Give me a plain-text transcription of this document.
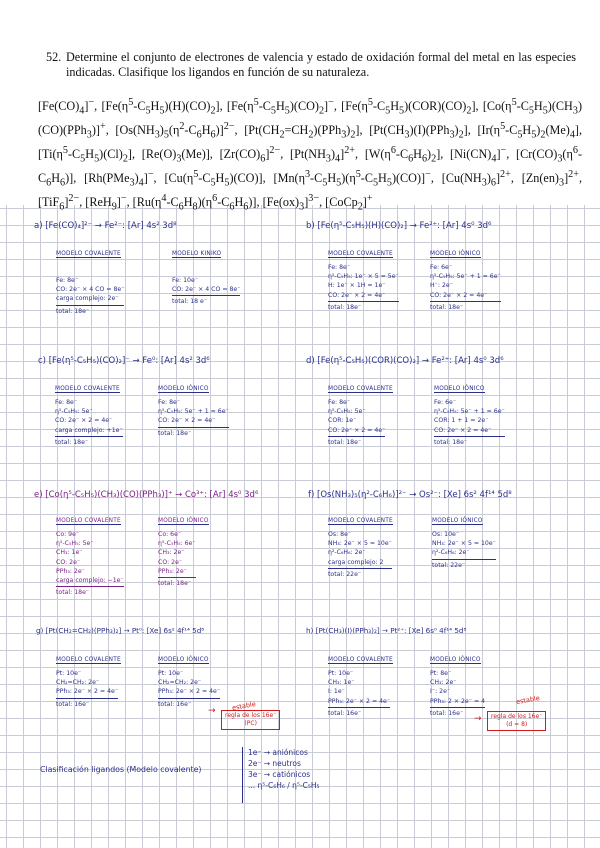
52. Determine el conjunto de electrones de valencia y estado de oxidación formal del metal en las especies indicadas. Clasifique los ligandos en función de su naturaleza.
$[Fe(CO)_4]^-$, $[Fe(\eta^5-C_5H_5)(H)(CO)_2]$, $[Fe(\eta^5-C_5H_5)(CO)_2]^-$, $[Fe(\eta^5-C_5H_5)(COR)(CO)_2]$, $[Co(\eta^5-C_5H_5)(CH_3)(CO)(PPh_3)]^+$, $[Os(NH_3)_5(\eta^2-C_6H_6)]^{2-}$, $[Pt(CH_2=CH_2)(PPh_3)_2]$, $[Pt(CH_3)(I)(PPh_3)_2]$, $[Ir(\eta^5-C_5H_5)_2(Me)_4]$, $[Ti(\eta^5-C_5H_5)(Cl)_2]$, $[Re(O)_3(Me)]$, $[Zr(CO)_6]^{2-}$, $[Pt(NH_3)_4]^{2+}$, $[W(\eta^6-C_6H_6)_2]$, $[Ni(CN)_4]^-$, $[Cr(CO)_3(\eta^6-C_6H_6)]$, $[Rh(PMe_3)_4]^-$, $[Cu(\eta^5-C_5H_5)(CO)]$, $[Mn(\eta^3-C_5H_5)(\eta^5-C_5H_5)(CO)]^-$, $[Cu(NH_3)_6]^{2+}$, $[Zn(en)_3]^{2+}$, $[TiF_6]^{2-}$, [ReH$_9$]−, $[Ru(\eta^4-C_6H_8)(\eta^6-C_6H_6)]$, $[Fe(ox)_3]^{3-}$, [CoCp$_2$]+
a) [Fe(CO)₄]²⁻ → Fe²⁻: [Ar] 4s² 3d⁸
MODELO COVALENTE	MODELO KINIKO
Fe: 8e⁻
CO: 2e⁻ × 4 CO = 8e⁻
carga complejo: 2e⁻
total: 18e⁻
Fe: 10e⁻
CO: 2e⁻ × 4 CO = 8e⁻
total: 18 e⁻
b) [Fe(η⁵-C₅H₅)(H)(CO)₂] → Fe²⁺: [Ar] 4s⁰ 3d⁶
MODELO COVALENTE	MODELO IÓNICO
Fe: 8e⁻
η⁵-C₅H₅: 1e⁻ × 5 = 5e⁻
H: 1e⁻ × 1H = 1e⁻
CO: 2e⁻ × 2 = 4e⁻
total: 18e⁻
Fe: 6e⁻
η⁵-C₅H₅: 5e⁻ + 1 = 6e⁻
H⁻: 2e⁻
CO: 2e⁻ × 2 = 4e⁻
total: 18e⁻
c) [Fe(η⁵-C₅H₅)(CO)₂]⁻ → Fe⁰: [Ar] 4s² 3d⁶
MODELO COVALENTE	MODELO IÓNICO
Fe: 8e⁻
η⁵-C₅H₅: 5e⁻
CO: 2e⁻ × 2 = 4e⁻
carga complejo: +1e⁻
total: 18e⁻
Fe: 8e⁻
η⁵-C₅H₅: 5e⁻ + 1 = 6e⁻
CO: 2e⁻ × 2 = 4e⁻
total: 18e⁻
d) [Fe(η⁵-C₅H₅)(COR)(CO)₂] → Fe²⁺: [Ar] 4s⁰ 3d⁶
MODELO COVALENTE	MODELO IÓNICO
Fe: 8e⁻
η⁵-C₅H₅: 5e⁻
COR: 1e⁻
CO: 2e⁻ × 2 = 4e⁻
total: 18e⁻
Fe: 6e⁻
η⁵-C₅H₅: 5e⁻ + 1 = 6e⁻
COR: 1 + 1 = 2e⁻
CO: 2e⁻ × 2 = 4e⁻
total: 18e⁻
e) [Co(η⁵-C₅H₅)(CH₃)(CO)(PPh₃)]⁺ → Co³⁺: [Ar] 4s⁰ 3d⁶
MODELO COVALENTE	MODELO IÓNICO
Co: 9e⁻
η⁵-C₅H₅: 5e⁻
CH₃: 1e⁻
CO: 2e⁻
PPh₃: 2e⁻
carga complejo: −1e⁻
total: 18e⁻
Co: 6e⁻
η⁵-C₅H₅: 6e⁻
CH₃: 2e⁻
CO: 2e⁻
PPh₃: 2e⁻
total: 18e⁻
f) [Os(NH₃)₅(η²-C₆H₆)]²⁻ → Os²⁻: [Xe] 6s² 4f¹⁴ 5d⁸
MODELO COVALENTE	MODELO IÓNICO
Os: 8e⁻
NH₃: 2e⁻ × 5 = 10e⁻
η²-C₆H₆: 2e⁻
carga complejo: 2
total: 22e⁻
Os: 10e⁻
NH₃: 2e⁻ × 5 = 10e⁻
η²-C₆H₆: 2e⁻
total: 22e⁻
g) [Pt(CH₂=CH₂)(PPh₃)₂] → Pt⁰: [Xe] 6s² 4f¹⁴ 5d⁸
MODELO COVALENTE	MODELO IÓNICO
Pt: 10e⁻
CH₂=CH₂: 2e⁻
PPh₃: 2e⁻ × 2 = 4e⁻
total: 16e⁻
Pt: 10e⁻
CH₂=CH₂: 2e⁻
PPh₃: 2e⁻ × 2 = 4e⁻
total: 16e⁻	estable
→	regla de los 16e⁻
(PC)
h) [Pt(CH₃)(I)(PPh₃)₂] → Pt²⁺: [Xe] 6s⁰ 4f¹⁴ 5d⁸
MODELO COVALENTE	MODELO IÓNICO
Pt: 10e⁻
CH₃: 1e⁻
I: 1e⁻
PPh₃: 2e⁻ × 2 = 4e⁻
total: 16e⁻
Pt: 8e⁻
CH₃: 2e⁻
I⁻: 2e⁻
PPh₃: 2 × 2e⁻ = 4
total: 16e⁻
estable
→	regla de los 16e⁻
(d = 8)
Clasificación ligandos (Modelo covalente)
1e⁻ → aniónicos
2e⁻ → neutros
3e⁻ → catiónicos
... η⁵-C₆H₆ / η⁵-C₅H₅
